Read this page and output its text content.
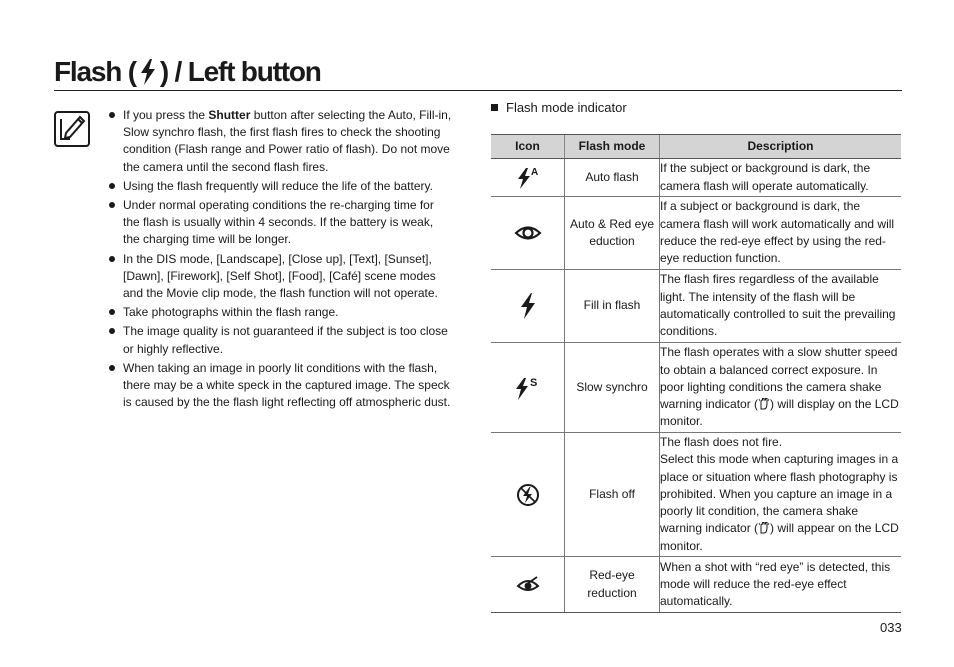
Flash ( ) / Left button
If you press the Shutter button after selecting the Auto, Fill-in, Slow synchro flash, the first flash fires to check the shooting condition (Flash range and Power ratio of flash). Do not move the camera until the second flash fires.
Using the flash frequently will reduce the life of the battery.
Under normal operating conditions the re-charging time for the flash is usually within 4 seconds. If the battery is weak, the charging time will be longer.
In the DIS mode, [Landscape], [Close up], [Text], [Sunset], [Dawn], [Firework], [Self Shot], [Food], [Café] scene modes and the Movie clip mode, the flash function will not operate.
Take photographs within the flash range.
The image quality is not guaranteed if the subject is too close or highly reflective.
When taking an image in poorly lit conditions with the flash, there may be a white speck in the captured image. The speck is caused by the the flash light reflecting off atmospheric dust.
Flash mode indicator
Icon	Flash mode	Description

A	Auto flash	If the subject or background is dark, the camera flash will operate automatically.

	Auto & Red eye eduction	If a subject or background is dark, the camera flash will work automatically and will reduce the red-eye effect by using the red-eye reduction function.

	Fill in flash	The flash fires regardless of the available light. The intensity of the flash will be automatically controlled to suit the prevailing conditions.

S	Slow synchro	The flash operates with a slow shutter speed to obtain a balanced correct exposure. In poor lighting conditions the camera shake warning indicator ( ) will display on the LCD monitor.

	Flash off	The flash does not fire.
Select this mode when capturing images in a place or situation where flash photography is prohibited. When you capture an image in a poorly lit condition, the camera shake warning indicator ( ) will appear on the LCD monitor.

	Red-eye reduction	When a shot with “red eye” is detected, this mode will reduce the red-eye effect automatically.
033
